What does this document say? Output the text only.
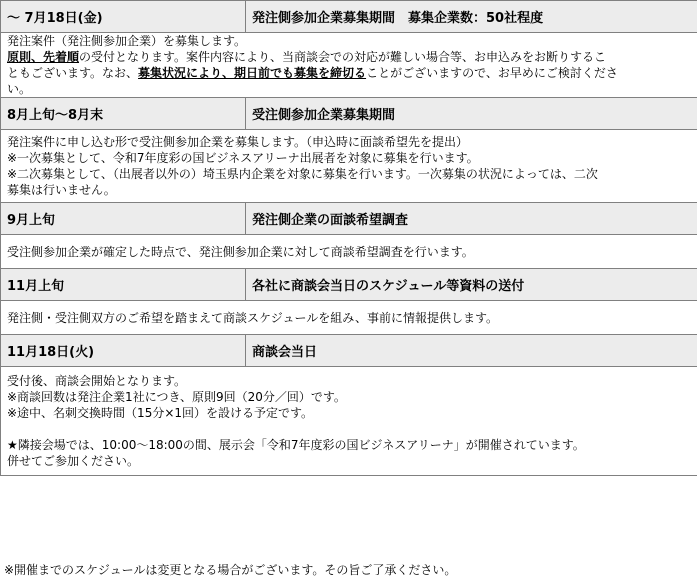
～ 7月18日(金)	発注側参加企業募集期間　募集企業数：50社程度
発注案件（発注側参加企業）を募集します。
原則、先着順の受付となります。案件内容により、当商談会での対応が難しい場合等、お申込みをお断りするこ
ともございます。なお、募集状況により、期日前でも募集を締切ることがございますので、お早めにご検討くださ
い。	
8月上旬～8月末	受注側参加企業募集期間
発注案件に申し込む形で受注側参加企業を募集します。（申込時に面談希望先を提出）
※一次募集として、令和7年度彩の国ビジネスアリーナ出展者を対象に募集を行います。
※二次募集として、（出展者以外の）埼玉県内企業を対象に募集を行います。一次募集の状況によっては、二次
募集は行いません。	
9月上旬	発注側企業の面談希望調査
受注側参加企業が確定した時点で、発注側参加企業に対して商談希望調査を行います。	
11月上旬	各社に商談会当日のスケジュール等資料の送付
発注側・受注側双方のご希望を踏まえて商談スケジュールを組み、事前に情報提供します。	
11月18日(火)	商談会当日
受付後、商談会開始となります。
※商談回数は発注企業1社につき、原則9回（20分／回）です。
※途中、名刺交換時間（15分×1回）を設ける予定です。

★隣接会場では、10:00～18:00の間、展示会「令和7年度彩の国ビジネスアリーナ」が開催されています。
併せてご参加ください。	
※開催までのスケジュールは変更となる場合がございます。その旨ご了承ください。
